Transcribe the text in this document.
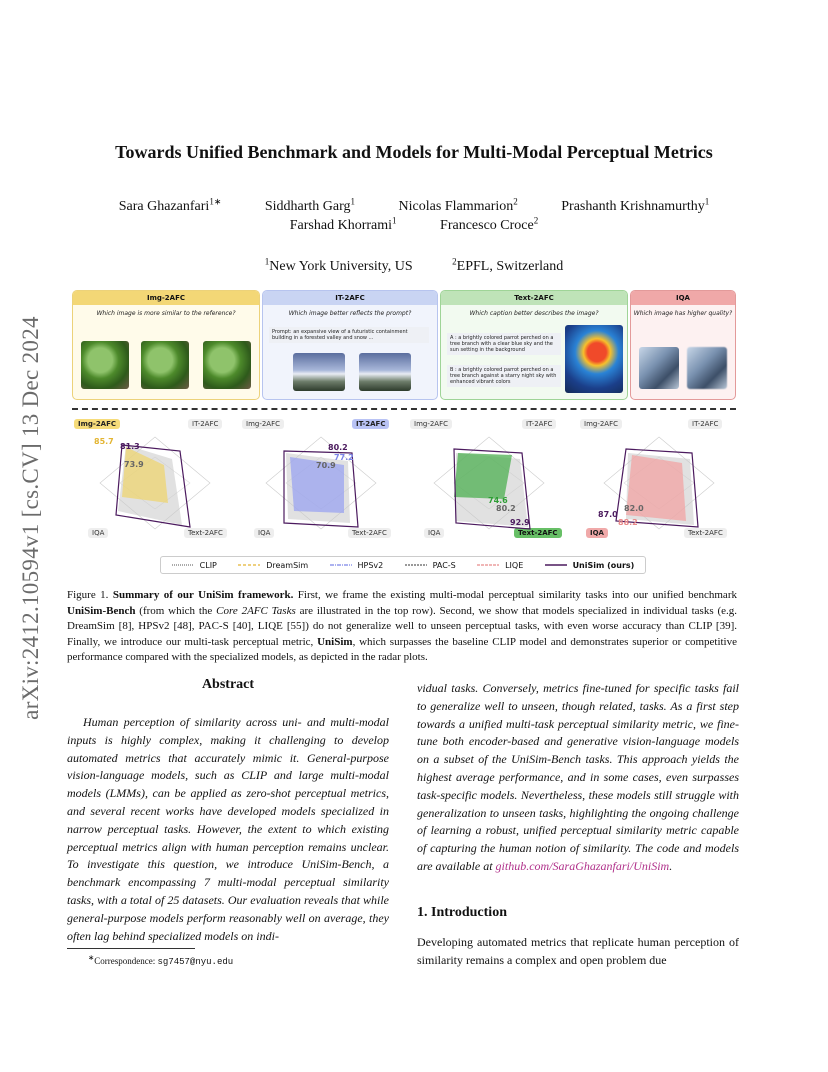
arXiv:2412.10594v1 [cs.CV] 13 Dec 2024
Towards Unified Benchmark and Models for Multi-Modal Perceptual Metrics
Sara Ghazanfari$^{1∗}$	Siddharth Garg$^1$	Nicolas Flammarion$^2$	Prashanth Krishnamurthy$^1$
Farshad Khorrami$^1$	Francesco Croce$^2$
$^1$New York University, US	$^2$EPFL, Switzerland
Img-2AFC
Which image is more similar to the reference?
IT-2AFC
Which image better reflects the prompt?
Prompt: an expansive view of a futuristic containment building in a forested valley and snow ...
Text-2AFC
Which caption better describes the image?
A : a brightly colored parrot perched on a tree branch with a clear blue sky and the sun setting in the background
B : a brightly colored parrot perched on a tree branch against a starry night sky with enhanced vibrant colors
IQA
Which image has higher quality?
Img-2AFC	IT-2AFC
IQA	Text-2AFC
85.7
81.3
73.9
Img-2AFC	IT-2AFC
IQA	Text-2AFC
80.2
77.2
70.9
Img-2AFC	IT-2AFC
IQA	Text-2AFC
74.6
80.2
92.9
Img-2AFC	IT-2AFC
IQA	Text-2AFC
87.0
82.0
88.2
CLIP	DreamSim	HPSv2	PAC-S	LIQE	UniSim (ours)
Figure 1. Summary of our UniSim framework. First, we frame the existing multi-modal perceptual similarity tasks into our unified benchmark UniSim-Bench (from which the Core 2AFC Tasks are illustrated in the top row). Second, we show that models specialized in individual tasks (e.g. DreamSim [8], HPSv2 [48], PAC-S [40], LIQE [55]) do not generalize well to unseen perceptual tasks, with even worse accuracy than CLIP [39]. Finally, we introduce our multi-task perceptual metric, UniSim, which surpasses the baseline CLIP model and demonstrates superior or competitive performance compared with the specialized models, as depicted in the radar plots.
Abstract
Human perception of similarity across uni- and multi-modal inputs is highly complex, making it challenging to develop automated metrics that accurately mimic it. General-purpose vision-language models, such as CLIP and large multi-modal models (LMMs), can be applied as zero-shot perceptual metrics, and several recent works have developed models specialized in narrow perceptual tasks. However, the extent to which existing perceptual metrics align with human perception remains unclear. To investigate this question, we introduce UniSim-Bench, a benchmark encompassing 7 multi-modal perceptual similarity tasks, with a total of 25 datasets. Our evaluation reveals that while general-purpose models perform reasonably well on average, they often lag behind specialized models on indi-
vidual tasks. Conversely, metrics fine-tuned for specific tasks fail to generalize well to unseen, though related, tasks. As a first step towards a unified multi-task perceptual similarity metric, we fine-tune both encoder-based and generative vision-language models on a subset of the UniSim-Bench tasks. This approach yields the highest average performance, and in some cases, even surpasses task-specific models. Nevertheless, these models still struggle with generalization to unseen tasks, highlighting the ongoing challenge of learning a robust, unified perceptual similarity metric capable of capturing the human notion of similarity. The code and models are available at github.com/SaraGhazanfari/UniSim.
1. Introduction
Developing automated metrics that replicate human perception of similarity remains a complex and open problem due
∗Correspondence: sg7457@nyu.edu
